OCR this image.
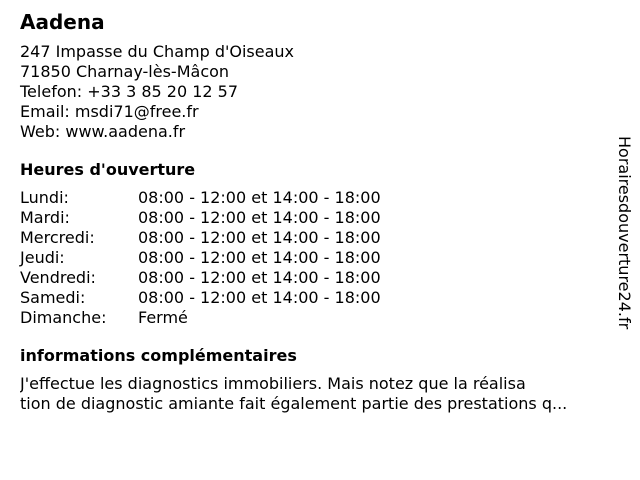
Aadena
247 Impasse du Champ d'Oiseaux
71850 Charnay-lès-Mâcon
Telefon: +33 3 85 20 12 57
Email: msdi71@free.fr
Web: www.aadena.fr
Heures d'ouverture
Lundi:	08:00 - 12:00 et 14:00 - 18:00
Mardi:	08:00 - 12:00 et 14:00 - 18:00
Mercredi:	08:00 - 12:00 et 14:00 - 18:00
Jeudi:	08:00 - 12:00 et 14:00 - 18:00
Vendredi:	08:00 - 12:00 et 14:00 - 18:00
Samedi:	08:00 - 12:00 et 14:00 - 18:00
Dimanche: Fermé
informations complémentaires
J'effectue les diagnostics immobiliers. Mais notez que la réalisa
tion de diagnostic amiante fait également partie des prestations q...
Horairesdouverture24.fr
